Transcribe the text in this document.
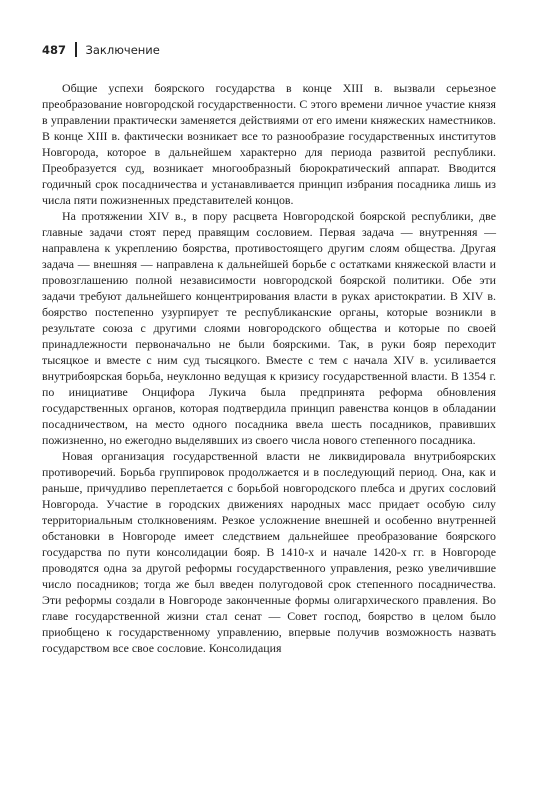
487 Заключение

Общие успехи боярского государства в конце XIII в. вызвали серьезное преобразование новгородской государственности. С этого времени личное участие князя в управлении практически заменяется действиями от его имени княжеских наместников. В конце XIII в. фактически возникает все то разнообразие государственных институтов Новгорода, которое в дальнейшем характерно для периода развитой республики. Преобразуется суд, возникает многообразный бюрократический аппарат. Вводится годичный срок посадничества и устанавливается принцип избрания посадника лишь из числа пяти пожизненных представителей концов.

На протяжении XIV в., в пору расцвета Новгородской боярской республики, две главные задачи стоят перед правящим сословием. Первая задача — внутренняя — направлена к укреплению боярства, противостоящего другим слоям общества. Другая задача — внешняя — направлена к дальнейшей борьбе с остатками княжеской власти и провозглашению полной независимости новгородской боярской политики. Обе эти задачи требуют дальнейшего концентрирования власти в руках аристократии. В XIV в. боярство постепенно узурпирует те республиканские органы, которые возникли в результате союза с другими слоями новгородского общества и которые по своей принадлежности первоначально не были боярскими. Так, в руки бояр переходит тысяцкое и вместе с ним суд тысяцкого. Вместе с тем с начала XIV в. усиливается внутрибоярская борьба, неуклонно ведущая к кризису государственной власти. В 1354 г. по инициативе Онцифора Лукича была предпринята реформа обновления государственных органов, которая подтвердила принцип равенства концов в обладании посадничеством, на место одного посадника ввела шесть посадников, правивших пожизненно, но ежегодно выделявших из своего числа нового степенного посадника.

Новая организация государственной власти не ликвидировала внутрибоярских противоречий. Борьба группировок продолжается и в последующий период. Она, как и раньше, причудливо переплетается с борьбой новгородского плебса и других сословий Новгорода. Участие в городских движениях народных масс придает особую силу территориальным столкновениям. Резкое усложнение внешней и особенно внутренней обстановки в Новгороде имеет следствием дальнейшее преобразование боярского государства по пути консолидации бояр. В 1410-х и начале 1420-х гг. в Новгороде проводятся одна за другой реформы государственного управления, резко увеличившие число посадников; тогда же был введен полугодовой срок степенного посадничества. Эти реформы создали в Новгороде законченные формы олигархического правления. Во главе государственной жизни стал сенат — Совет господ, боярство в целом было приобщено к государственному управлению, впервые получив возможность назвать государством все свое сословие. Консолидация
